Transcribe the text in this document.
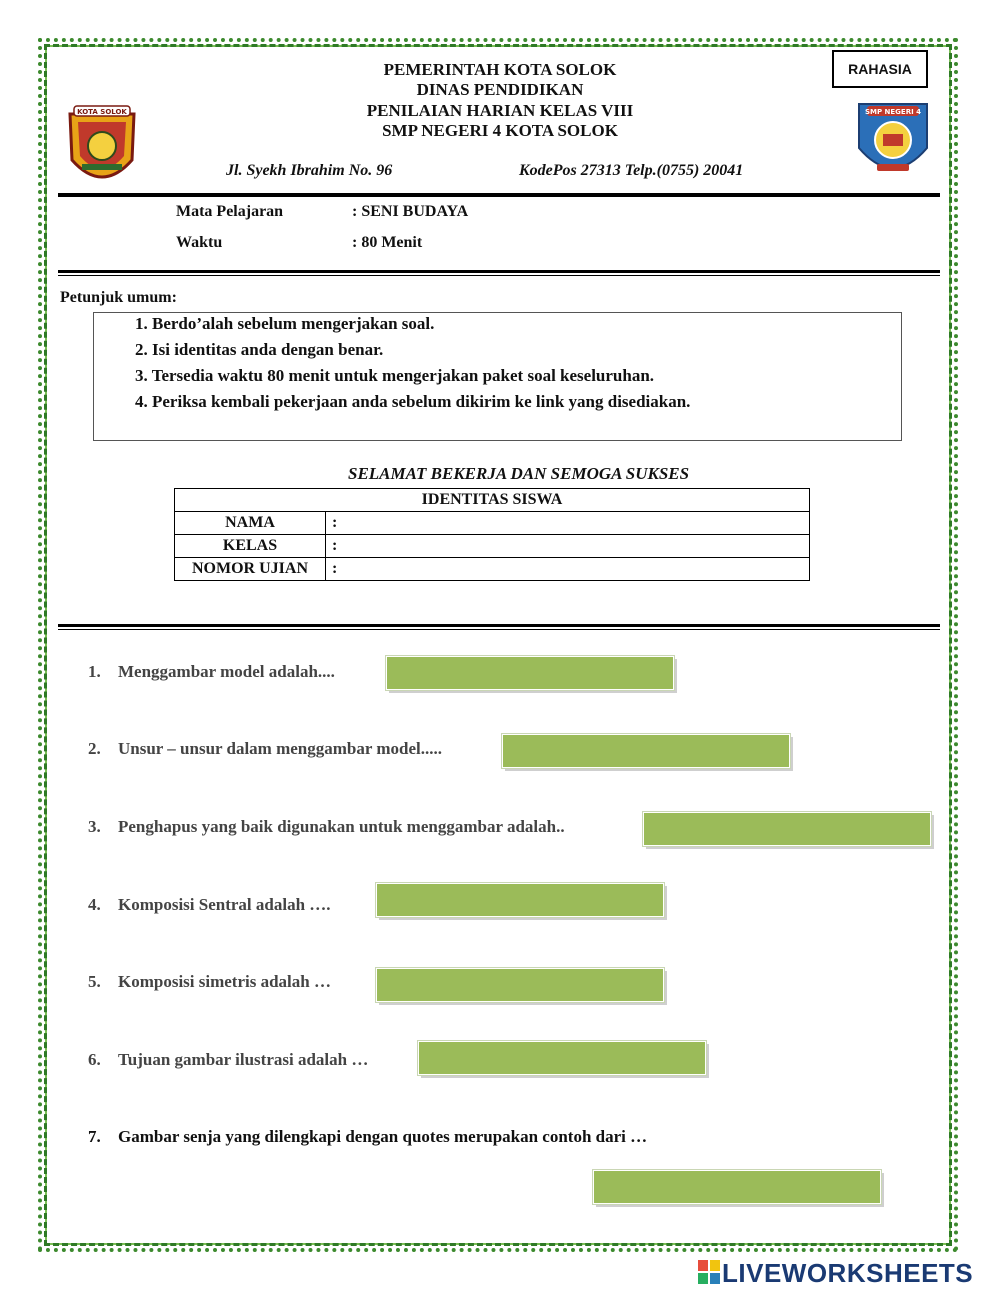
PEMERINTAH KOTA SOLOK
DINAS PENDIDIKAN
PENILAIAN HARIAN KELAS VIII
SMP NEGERI 4 KOTA SOLOK
RAHASIA
KOTA SOLOK	SMP NEGERI 4
Jl. Syekh Ibrahim No. 96	KodePos 27313 Telp.(0755) 20041
Mata Pelajaran	: SENI BUDAYA
Waktu	: 80 Menit
Petunjuk umum:
1. Berdo’alah sebelum mengerjakan soal.
2. Isi identitas anda dengan benar.
3. Tersedia waktu 80 menit untuk mengerjakan paket soal keseluruhan.
4. Periksa kembali pekerjaan anda sebelum dikirim ke link yang disediakan.
SELAMAT BEKERJA DAN SEMOGA SUKSES
IDENTITAS SISWA	
NAMA	:
KELAS	:
NOMOR UJIAN	:
1. Menggambar model adalah....
2. Unsur – unsur dalam menggambar model.....
3. Penghapus yang baik digunakan untuk menggambar adalah..
4. Komposisi Sentral adalah ….
5. Komposisi simetris adalah …
6. Tujuan gambar ilustrasi adalah …
7. Gambar senja yang dilengkapi dengan quotes merupakan contoh dari …
LIVEWORKSHEETS
